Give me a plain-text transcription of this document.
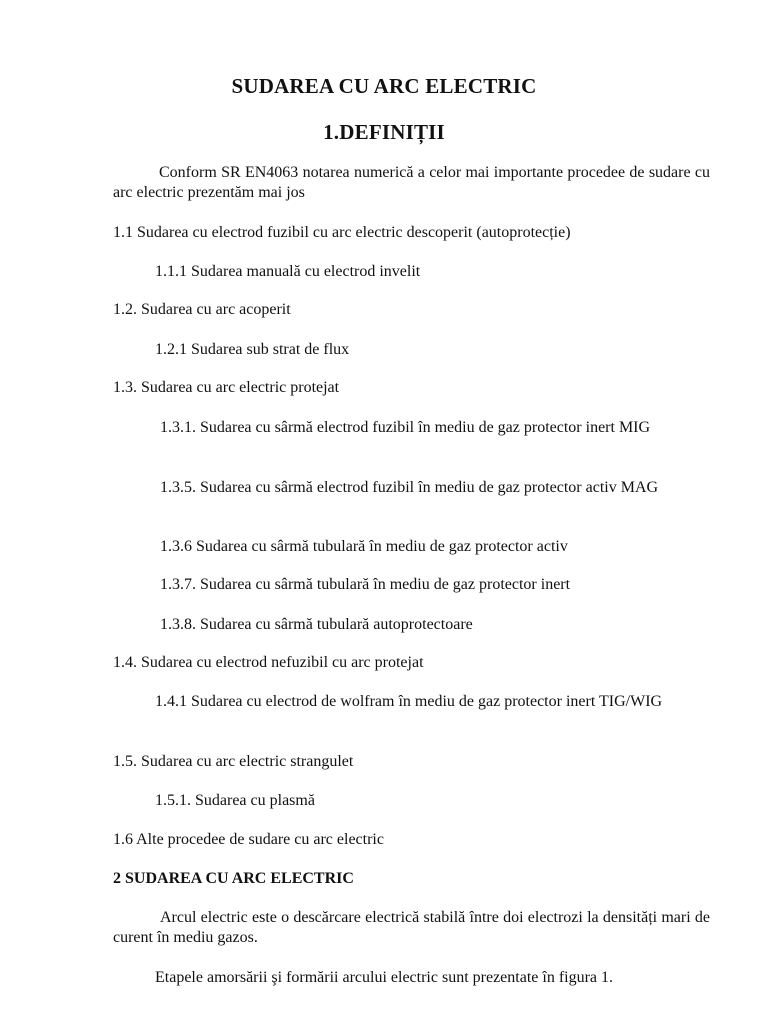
SUDAREA CU ARC ELECTRIC
1.DEFINIȚII
Conform SR EN4063 notarea numerică a celor mai importante procedee de sudare cu arc electric prezentăm mai jos
1.1 Sudarea cu electrod fuzibil cu arc electric descoperit (autoprotecție)
1.1.1 Sudarea manuală cu electrod invelit
1.2. Sudarea cu arc acoperit
1.2.1 Sudarea sub strat de flux
1.3. Sudarea cu arc electric protejat
1.3.1. Sudarea cu sârmă electrod fuzibil în mediu de gaz protector inert MIG
1.3.5. Sudarea cu sârmă electrod fuzibil în mediu de gaz protector activ MAG
1.3.6 Sudarea cu sârmă tubulară în mediu de gaz protector activ
1.3.7. Sudarea cu sârmă tubulară în mediu de gaz protector inert
1.3.8. Sudarea cu sârmă tubulară autoprotectoare
1.4. Sudarea cu electrod nefuzibil cu arc protejat
1.4.1 Sudarea cu electrod de wolfram în mediu de gaz protector inert TIG/WIG
1.5. Sudarea cu arc electric strangulet
1.5.1. Sudarea cu plasmă
1.6 Alte procedee de sudare cu arc electric
2 SUDAREA CU ARC ELECTRIC
Arcul electric este o descărcare electrică stabilă între doi electrozi la densități mari de curent în mediu gazos.
Etapele amorsării şi formării arcului electric sunt prezentate în figura 1.
